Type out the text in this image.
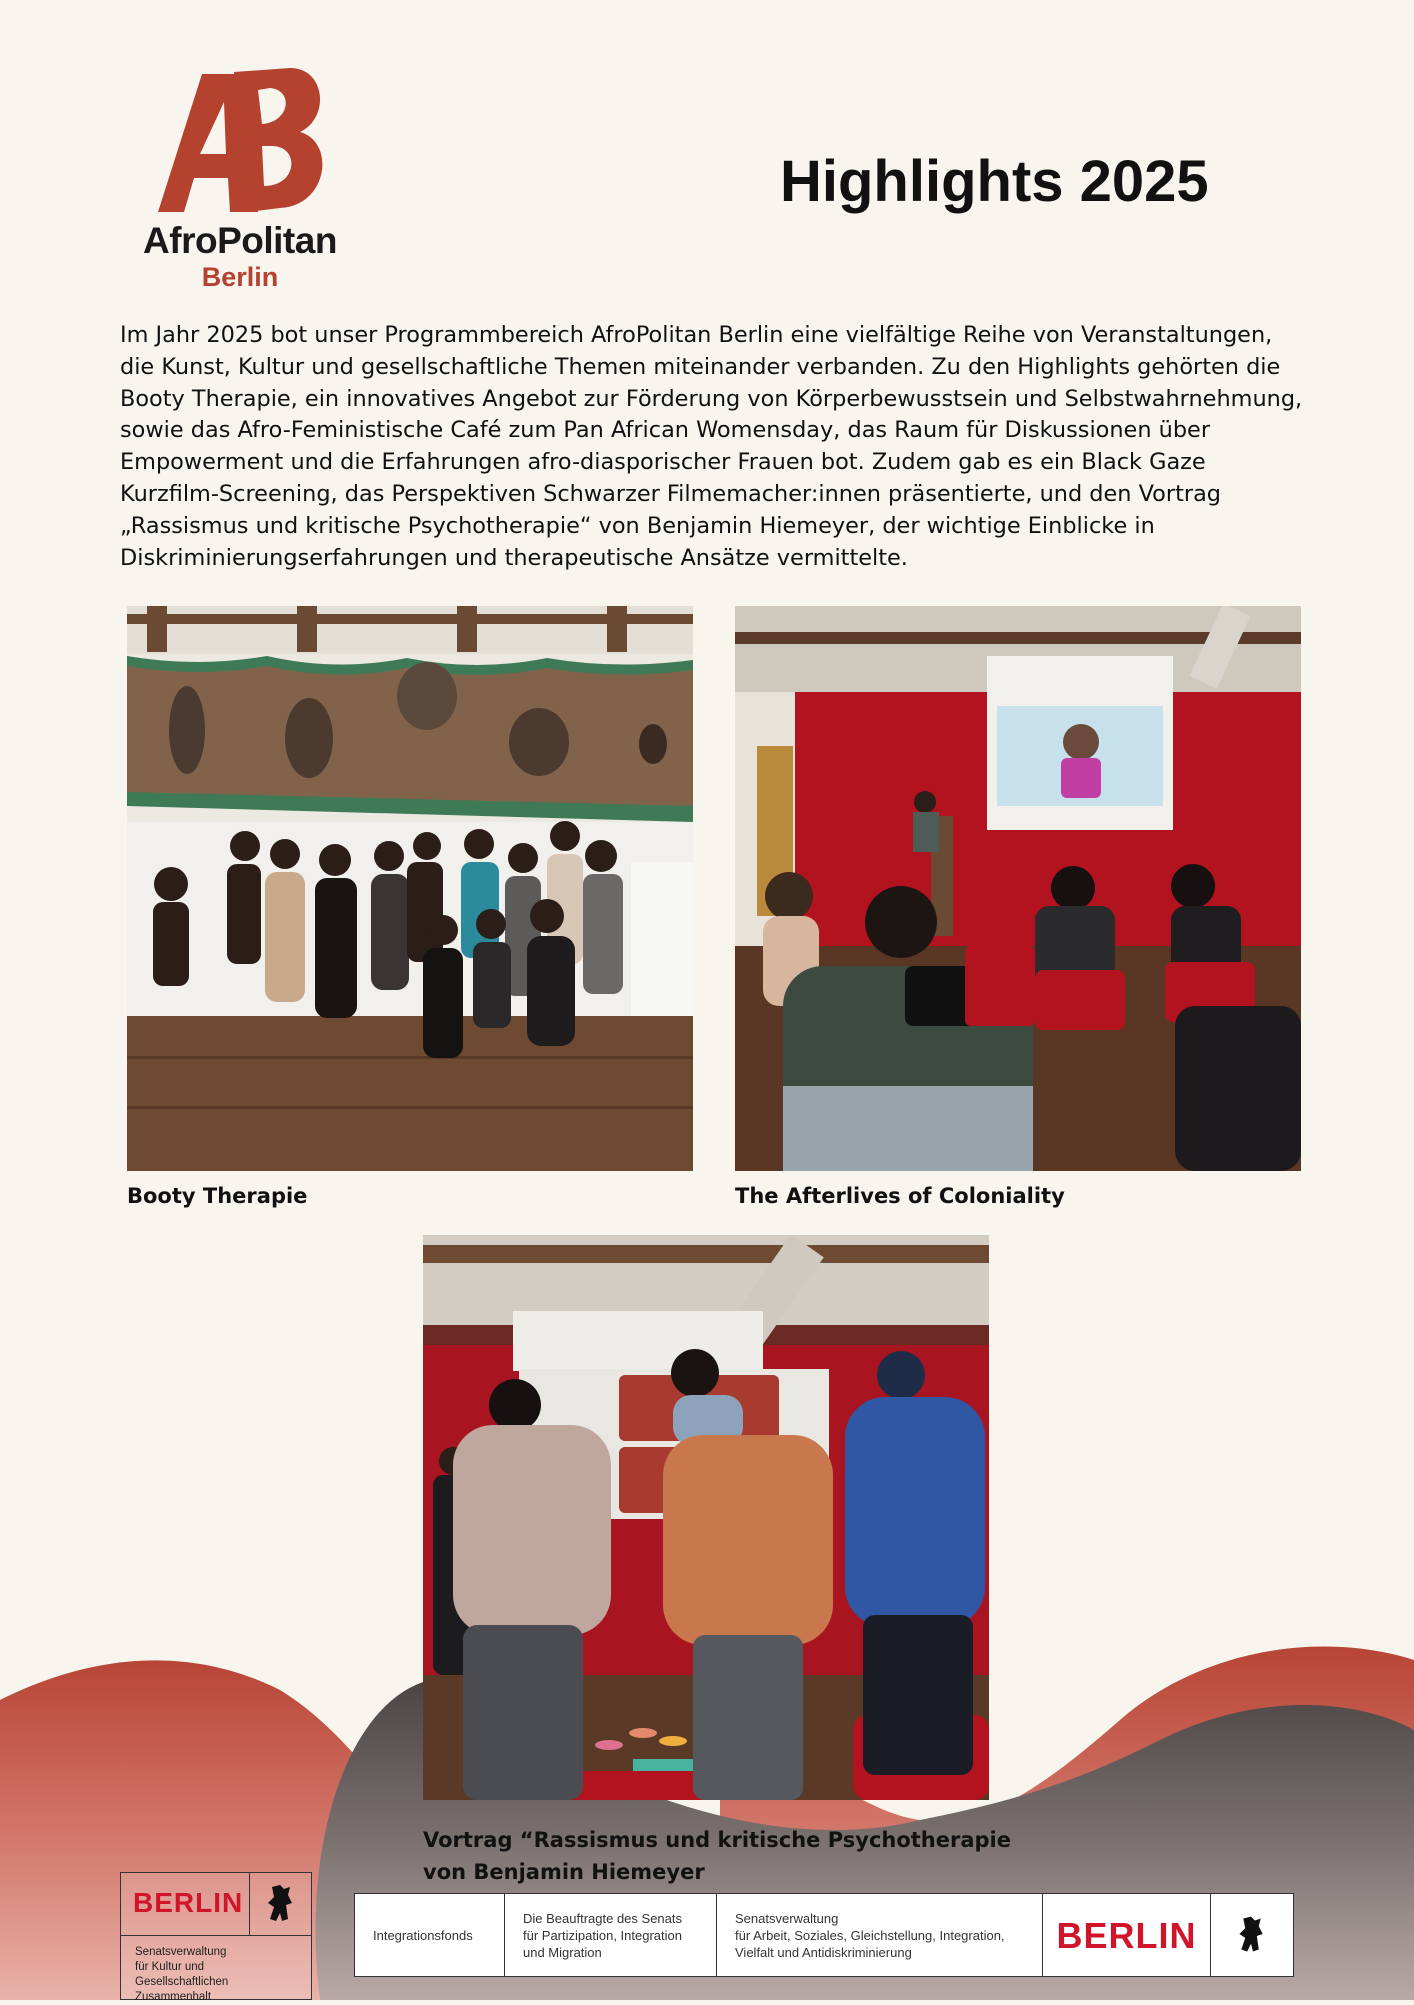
AfroPolitan
Berlin
Highlights 2025

Im Jahr 2025 bot unser Programmbereich AfroPolitan Berlin eine vielfältige Reihe von Veranstaltungen, die Kunst, Kultur und gesellschaftliche Themen miteinander verbanden. Zu den Highlights gehörten die Booty Therapie, ein innovatives Angebot zur Förderung von Körperbewusstsein und Selbstwahrnehmung, sowie das Afro-Feministische Café zum Pan African Womensday, das Raum für Diskussionen über Empowerment und die Erfahrungen afro-diasporischer Frauen bot. Zudem gab es ein Black Gaze Kurzfilm-Screening, das Perspektiven Schwarzer Filmemacher:innen präsentierte, und den Vortrag „Rassismus und kritische Psychotherapie“ von Benjamin Hiemeyer, der wichtige Einblicke in Diskriminierungserfahrungen und therapeutische Ansätze vermittelte.

Booty Therapie	The Afterlives of Coloniality
Vortrag “Rassismus und kritische Psychotherapie
von Benjamin Hiemeyer
BERLIN
Senatsverwaltung
für Kultur und
Gesellschaftlichen Zusammenhalt
Integrationsfonds
Die Beauftragte des Senats
für Partizipation, Integration
und Migration
Senatsverwaltung
für Arbeit, Soziales, Gleichstellung, Integration,
Vielfalt und Antidiskriminierung	BERLIN
